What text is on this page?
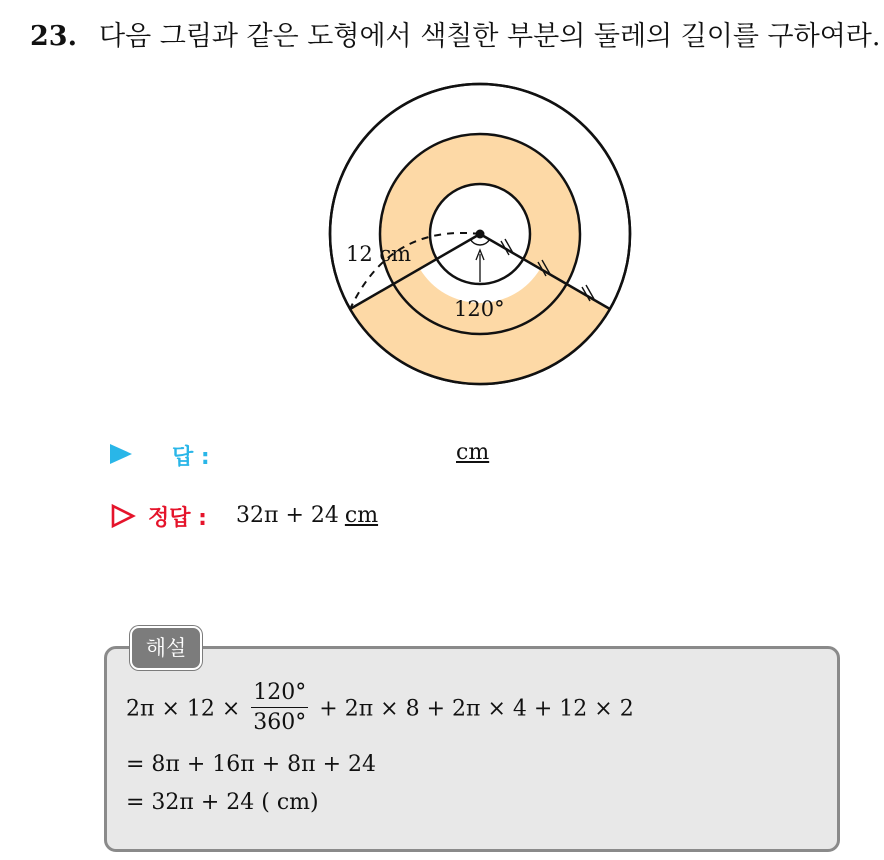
23. 다음 그림과 같은 도형에서 색칠한 부분의 둘레의 길이를 구하여라.
12 cm
120°
답 :	cm
정답 : 32π + 24 cm
해설
$2\pi \times 12 \times \frac{120^\circ}{360^\circ} + 2\pi \times 8 + 2\pi \times 4 + 12 \times 2$
= 8π + 16π + 8π + 24
= 32π + 24 ( cm)
